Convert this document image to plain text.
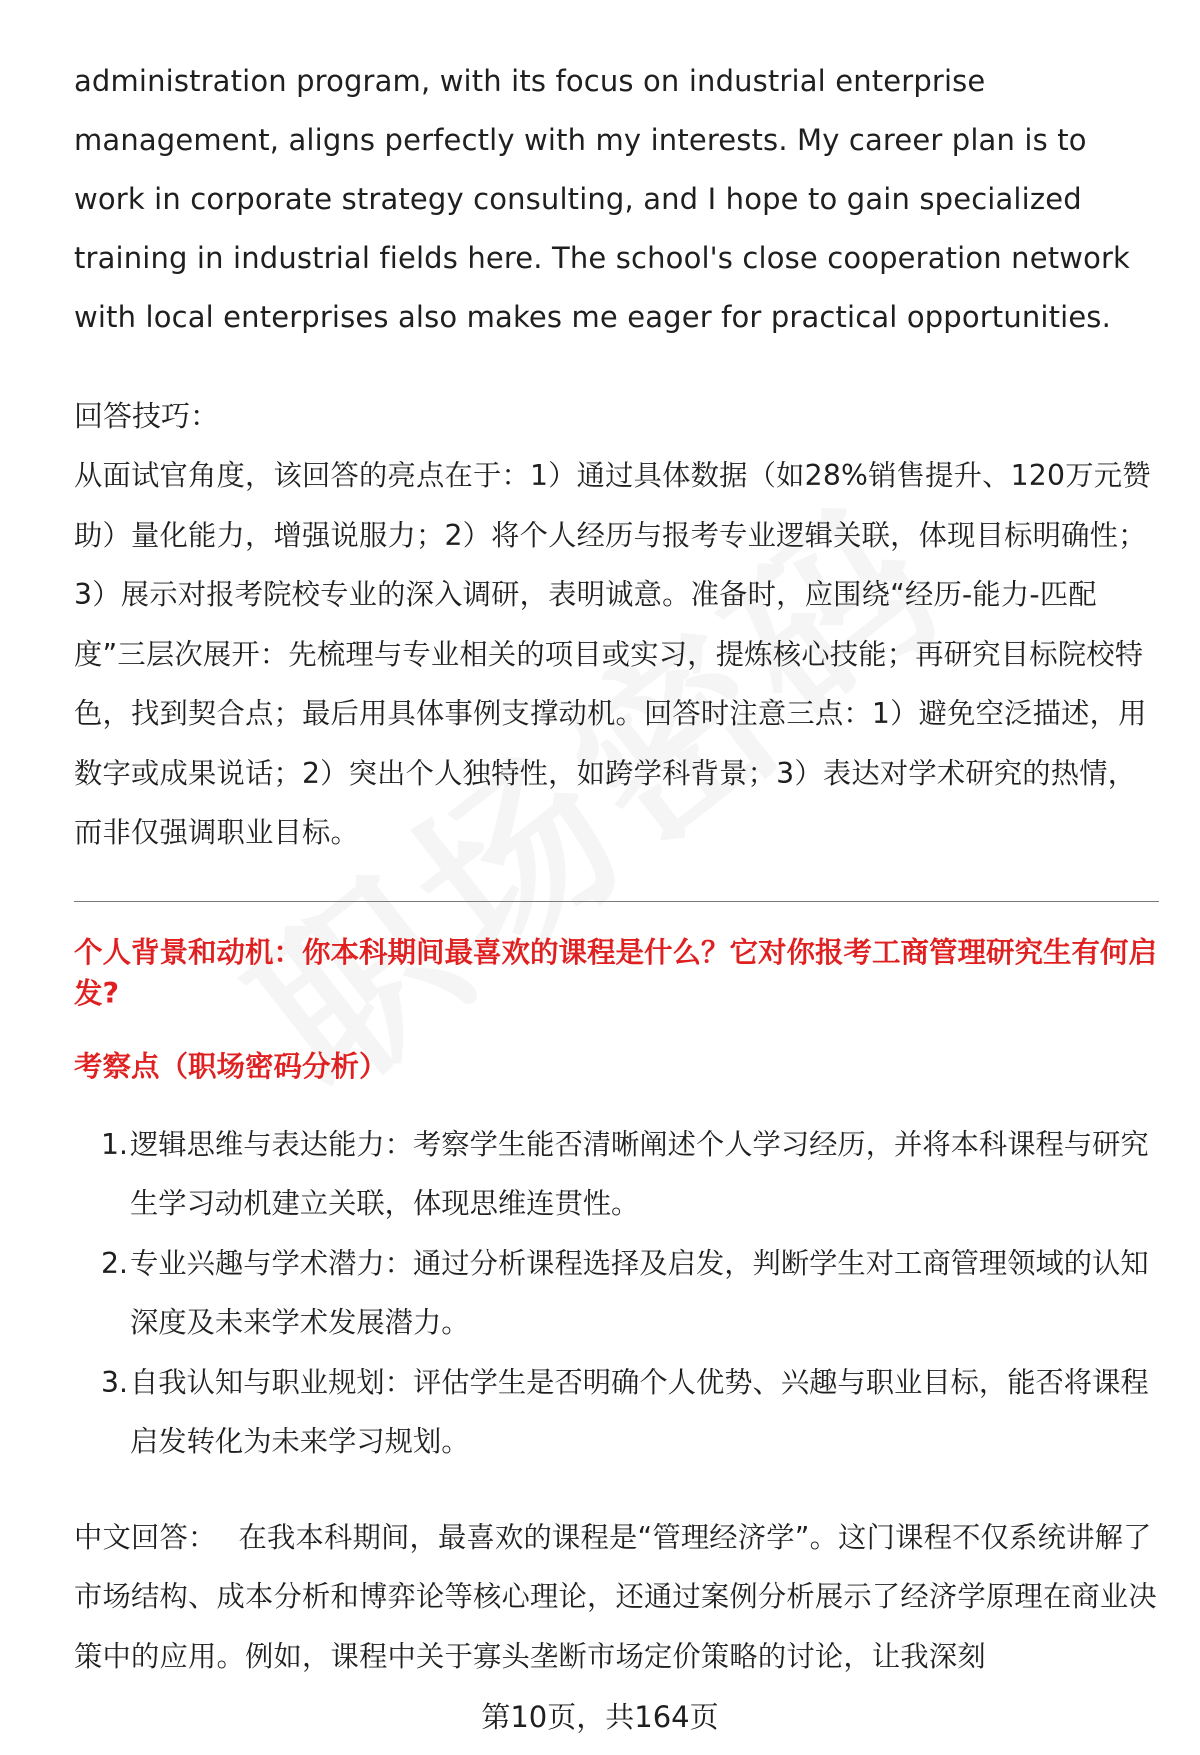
administration program, with its focus on industrial enterprise management, aligns perfectly with my interests. My career plan is to work in corporate strategy consulting, and I hope to gain specialized training in industrial fields here. The school's close cooperation network with local enterprises also makes me eager for practical opportunities.

回答技巧：

从面试官角度，该回答的亮点在于：1）通过具体数据（如28%销售提升、120万元赞助）量化能力，增强说服力；2）将个人经历与报考专业逻辑关联，体现目标明确性；3）展示对报考院校专业的深入调研，表明诚意。准备时，应围绕“经历-能力-匹配度”三层次展开：先梳理与专业相关的项目或实习，提炼核心技能；再研究目标院校特色，找到契合点；最后用具体事例支撑动机。回答时注意三点：1）避免空泛描述，用数字或成果说话；2）突出个人独特性，如跨学科背景；3）表达对学术研究的热情，而非仅强调职业目标。

个人背景和动机：你本科期间最喜欢的课程是什么？它对你报考工商管理研究生有何启发?
考察点（职场密码分析）
1. 逻辑思维与表达能力：考察学生能否清晰阐述个人学习经历，并将本科课程与研究生学习动机建立关联，体现思维连贯性。
2. 专业兴趣与学术潜力：通过分析课程选择及启发，判断学生对工商管理领域的认知深度及未来学术发展潜力。
3. 自我认知与职业规划：评估学生是否明确个人优势、兴趣与职业目标，能否将课程启发转化为未来学习规划。

中文回答： 在我本科期间，最喜欢的课程是“管理经济学”。这门课程不仅系统讲解了市场结构、成本分析和博弈论等核心理论，还通过案例分析展示了经济学原理在商业决策中的应用。例如，课程中关于寡头垄断市场定价策略的讨论，让我深刻

第10页，共164页
